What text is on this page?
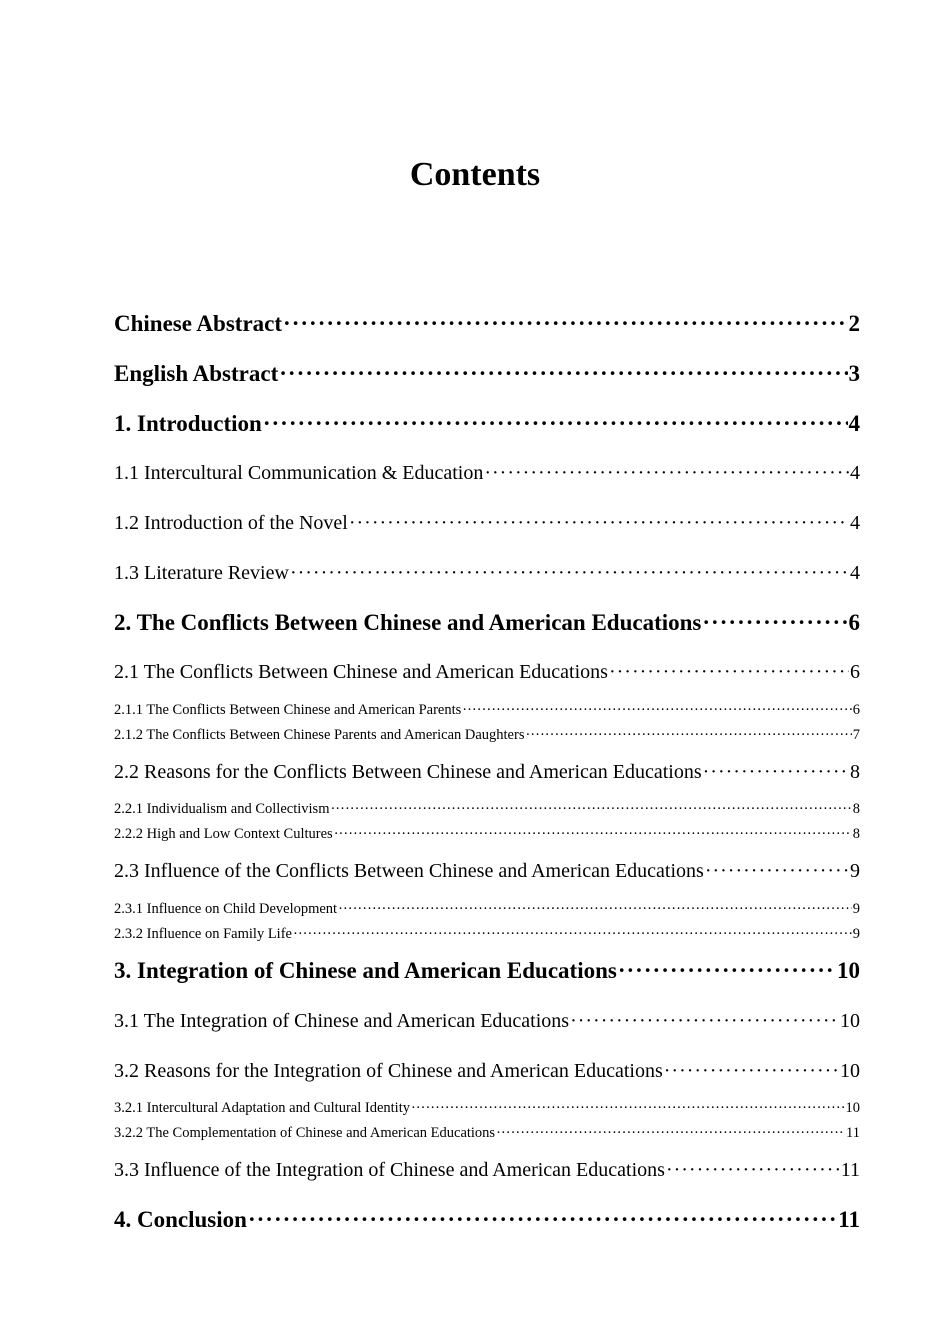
Contents
Chinese Abstract ·····	2
English Abstract ·····	3
1. Introduction ·····	4
1.1 Intercultural Communication & Education ·····	4
1.2 Introduction of the Novel ·····	4
1.3 Literature Review ·····	4
2. The Conflicts Between Chinese and American Educations ·····	6
2.1 The Conflicts Between Chinese and American Educations ·····	6
2.1.1 The Conflicts Between Chinese and American Parents ·····	6
2.1.2 The Conflicts Between Chinese Parents and American Daughters ·····	7
2.2 Reasons for the Conflicts Between Chinese and American Educations ·····	8
2.2.1 Individualism and Collectivism ·····	8
2.2.2 High and Low Context Cultures ·····	8
2.3 Influence of the Conflicts Between Chinese and American Educations ·····	9
2.3.1 Influence on Child Development ·····	9
2.3.2 Influence on Family Life ·····	9
3. Integration of Chinese and American Educations ·····	10
3.1 The Integration of Chinese and American Educations ·····	10
3.2 Reasons for the Integration of Chinese and American Educations ·····	10
3.2.1 Intercultural Adaptation and Cultural Identity ·····	10
3.2.2 The Complementation of Chinese and American Educations ·····	11
3.3 Influence of the Integration of Chinese and American Educations ·····	11
4. Conclusion ·····	11
